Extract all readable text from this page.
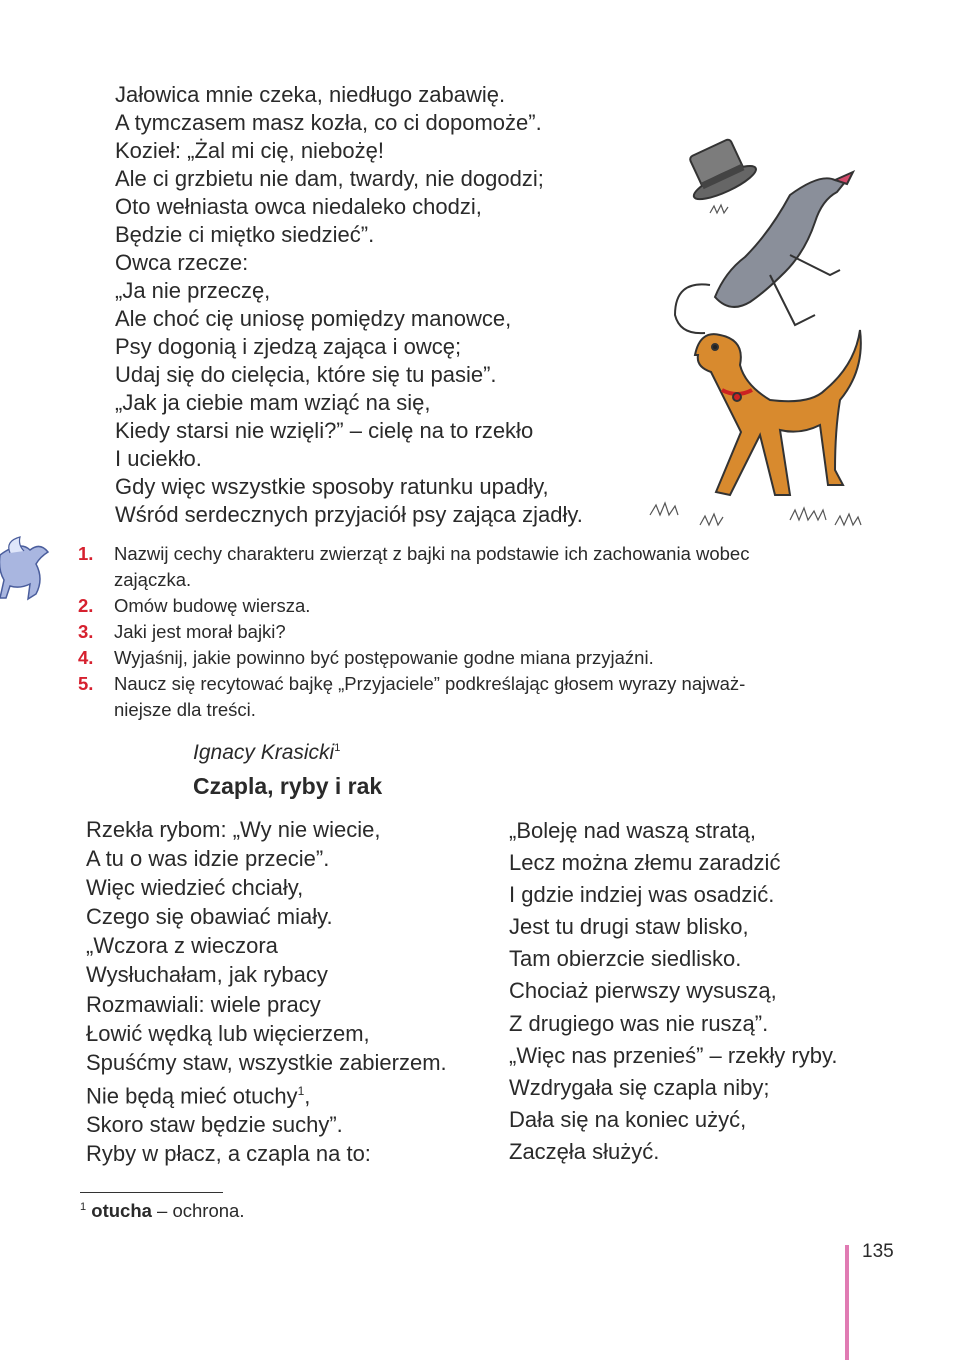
Jałowica mnie czeka, niedługo zabawię.
A tymczasem masz kozła, co ci dopomoże”.
Kozieł: „Żal mi cię, niebożę!
Ale ci grzbietu nie dam, twardy, nie dogodzi;
Oto wełniasta owca niedaleko chodzi,
Będzie ci miętko siedzieć”.
Owca rzecze:
„Ja nie przeczę,
Ale choć cię uniosę pomiędzy manowce,
Psy dogonią i zjedzą zająca i owcę;
Udaj się do cielęcia, które się tu pasie”.
„Jak ja ciebie mam wziąć na się,
Kiedy starsi nie wzięli?” – cielę na to rzekło
I uciekło.
Gdy więc wszystkie sposoby ratunku upadły,
Wśród serdecznych przyjaciół psy zająca zjadły.
1. Nazwij cechy charakteru zwierząt z bajki na podstawie ich zachowania wobec
zajączka.
2. Omów budowę wiersza.
3. Jaki jest morał bajki?
4. Wyjaśnij, jakie powinno być postępowanie godne miana przyjaźni.
5. Naucz się recytować bajkę „Przyjaciele” podkreślając głosem wyrazy najważ-
niejsze dla treści.
Ignacy Krasicki$^1$
Czapla, ryby i rak
Rzekła rybom: „Wy nie wiecie,
A tu o was idzie przecie”.
Więc wiedzieć chciały,
Czego się obawiać miały.
„Wczora z wieczora
Wysłuchałam, jak rybacy
Rozmawiali: wiele pracy
Łowić wędką lub więcierzem,
Spuśćmy staw, wszystkie zabierzem.
Nie będą mieć otuchy$^1$,
Skoro staw będzie suchy”.
Ryby w płacz, a czapla na to:
„Boleję nad waszą stratą,
Lecz można złemu zaradzić
I gdzie indziej was osadzić.
Jest tu drugi staw blisko,
Tam obierzcie siedlisko.
Chociaż pierwszy wysuszą,
Z drugiego was nie ruszą”.
„Więc nas przenieś” – rzekły ryby.
Wzdrygała się czapla niby;
Dała się na koniec użyć,
Zaczęła służyć.
$^1$ otucha – ochrona.
135
